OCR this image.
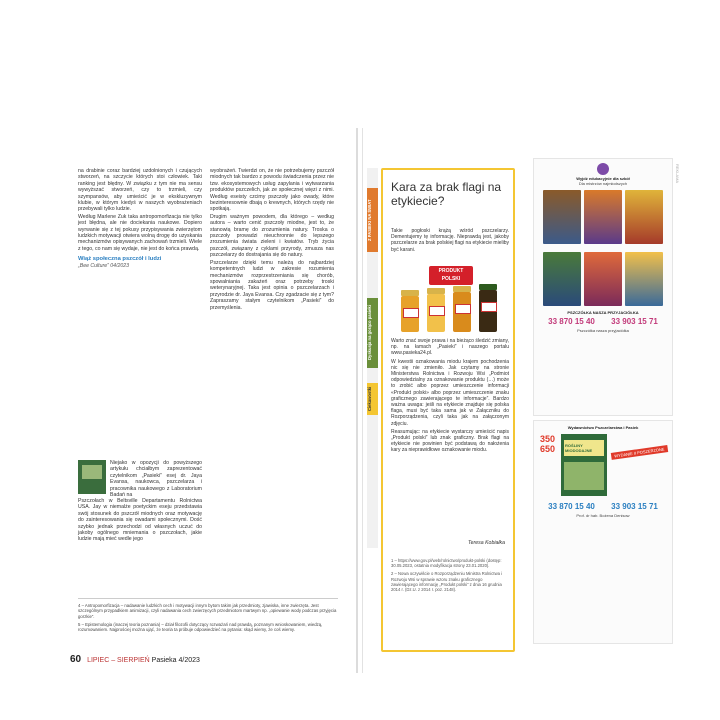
na drabinie coraz bardziej uzdolnionych i czujących stworzeń, na szczycie których stoi człowiek. Taki ranking jest błędny. W związku z tym nie ma sensu wywyższać stworzeń, czy to trzmieli, czy szympansów, aby umieścić je w ekskluzywnym klubie, w którym kiedyś w naszych wyobrażeniach przebywali tylko ludzie.

Według Marlene Zuk taka antropomorfizacja nie tylko jest błędna, ale nie dociekania naukowe. Dopiero wyrwanie się z tej pokusy przypisywania zwierzętom ludzkich motywacji otwiera wolną drogę do uzyskania mechanizmów opisywanych zachowań trzmieli. Wiele z tego, co nam się wydaje, nie jest do końca prawdą.

Wiąż społeczna pszczół i ludzi
„Bee Culture” 04/2023
Niejako w opozycji do powyższego artykułu chciałbym zaprezentować czytelnikom „Pasieki” esej dr. Jaya Evansa, naukowca, pszczelarza i pracownika naukowego z Laboratorium Badań na
Pszczołach w Beltsville Departamentu Rolnictwa USA. Jay w niemalże poetyckim eseju przedstawia swój stosunek do pszczół miodnych oraz motywację do zainteresowania się owadami społecznymi. Dość szybko jednak przechodzi od własnych uczuć do jakoby ogólnego mniemania o pszczołach, jakie ludzie mają mieć wedle jego

wyobrażeń. Twierdzi on, że nie potrzebujemy pszczół miodnych tak bardzo z powodu świadczenia przez nie tzw. ekosystemowych usług zapylania i wytwarzania produktów pszczelich, jak ze społecznej więzi z nimi. Według eseisty czcimy pszczoły jako owady, które bezinteresownie dbają o krewnych, których rzędy nie spotkają.

Drugim ważnym powodem, dla którego – według autora – warto cenić pszczoły miodne, jest to, że stanowią bramę do zrozumienia natury. Troska o pszczoły prowadzi nieuchronnie do lepszego zrozumienia świata zieleni i kwiatów. Tryb życia pszczół, związany z cyklami przyrody, zmusza nas pszczelarzy do dostrajania się do natury.

Pszczelarze dzięki temu należą do najbardziej kompetentnych ludzi w zakresie rozumienia mechanizmów rozprzestrzeniania się chorób, spowalniania zakażeń oraz potrzeby troski weterynaryjnej. Taka jest opinia o pszczelarzach i przyrodzie dr. Jaya Evansa. Czy zgadzacie się z tym? Zapraszamy stałym czytelnikom „Pasieki” do przemyślenia.

4 – Antropomorfizacja – nadawanie ludzkich cech i motywacji innym bytom takim jak przedmioty, zjawiska, inne zwierzęta. Jest szczególnym przypadkiem animizacji, czyli nadawania cech zwierzęcych przedmiotom martwym np. „opiewanie wody podczas przyjęcia gorzkie”.

5 – Epistemologia (inaczej teoria poznania) – dział filozofii dotyczący rozważań nad prawdą, poznanym wnioskowaniem, wiedzą, rozumowaniem. Najprościej można ująć, że teoria ta próbuje odpowiedzieć na pytania: skąd wiemy, że coś wiemy.

60 LIPIEC – SIERPIEŃ Pasieka 4/2023
Z PASIEKI NA ŚWIAT
Dyskusja na gorąco pasieki
Ciekawostki
Kara za brak flagi na etykiecie?
Takie pogłoski krążą wśród pszczelarzy. Dementujemy tę informację. Nieprawdą jest, jakoby pszczelarze za brak polskiej flagi na etykiecie mieliby być karani.
PRODUKT
POLSKI

Warto znać swoje prawa i na bieżąco śledzić zmiany, np. na łamach „Pasieki” i naszego portalu www.pasieka24.pl.

W kwestii oznakowania miodu krajem pochodzenia nic się nie zmieniło. Jak czytamy na stronie Ministerstwa Rolnictwa i Rozwoju Wsi „Podmiot odpowiedzialny za oznakowanie produktu (…) może to zrobić albo poprzez umieszczenie informacji «Produkt polski» albo poprzez umieszczenie znaku graficznego zawierającego te informacje”. Bardzo ważna uwaga: jeśli na etykiecie znajduje się polska flaga, musi być taka sama jak w Załączniku do Rozporządzenia, czyli taka jak na załączonym zdjęciu.

Reasumując: na etykiecie wystarczy umieścić napis „Produkt polski” lub znak graficzny. Brak flagi na etykiecie nie powinien być podstawą do nałożenia kary za nieprawidłowe oznakowanie miodu.

Teresa Kobiałka

1 – https://www.gov.pl/web/rolnictwo/produkt-polski (dostęp: 30.05.2023, ostatnia modyfikacja strony 23.01.2020).

2 – Nowa oczywiście o Rozporządzeniu Ministra Rolnictwa i Rozwoju Wsi w sprawie wzoru znaku graficznego zawierającego informację „Produkt polski” z dnia 16 grudnia 2014 r. (Dz.U. z 2014 r. poz. 2148).

Wyjdź edukacyjnie dla szkół
Dla mistrzów najmłodszych
PSZCZÓŁKA NASZA PRZYJACIÓŁKA
33 870 15 40 33 903 15 71
Pszczółka nasza przyjaciółka
Wydawnictwo Pszczelarstwa i Pasiek
350
650	ROŚLINY MIODODAJNE	WYDANIE II POSZERZONE
33 870 15 40 33 903 15 71
Prof. dr hab. Bożena Denisow
REKLAMA
